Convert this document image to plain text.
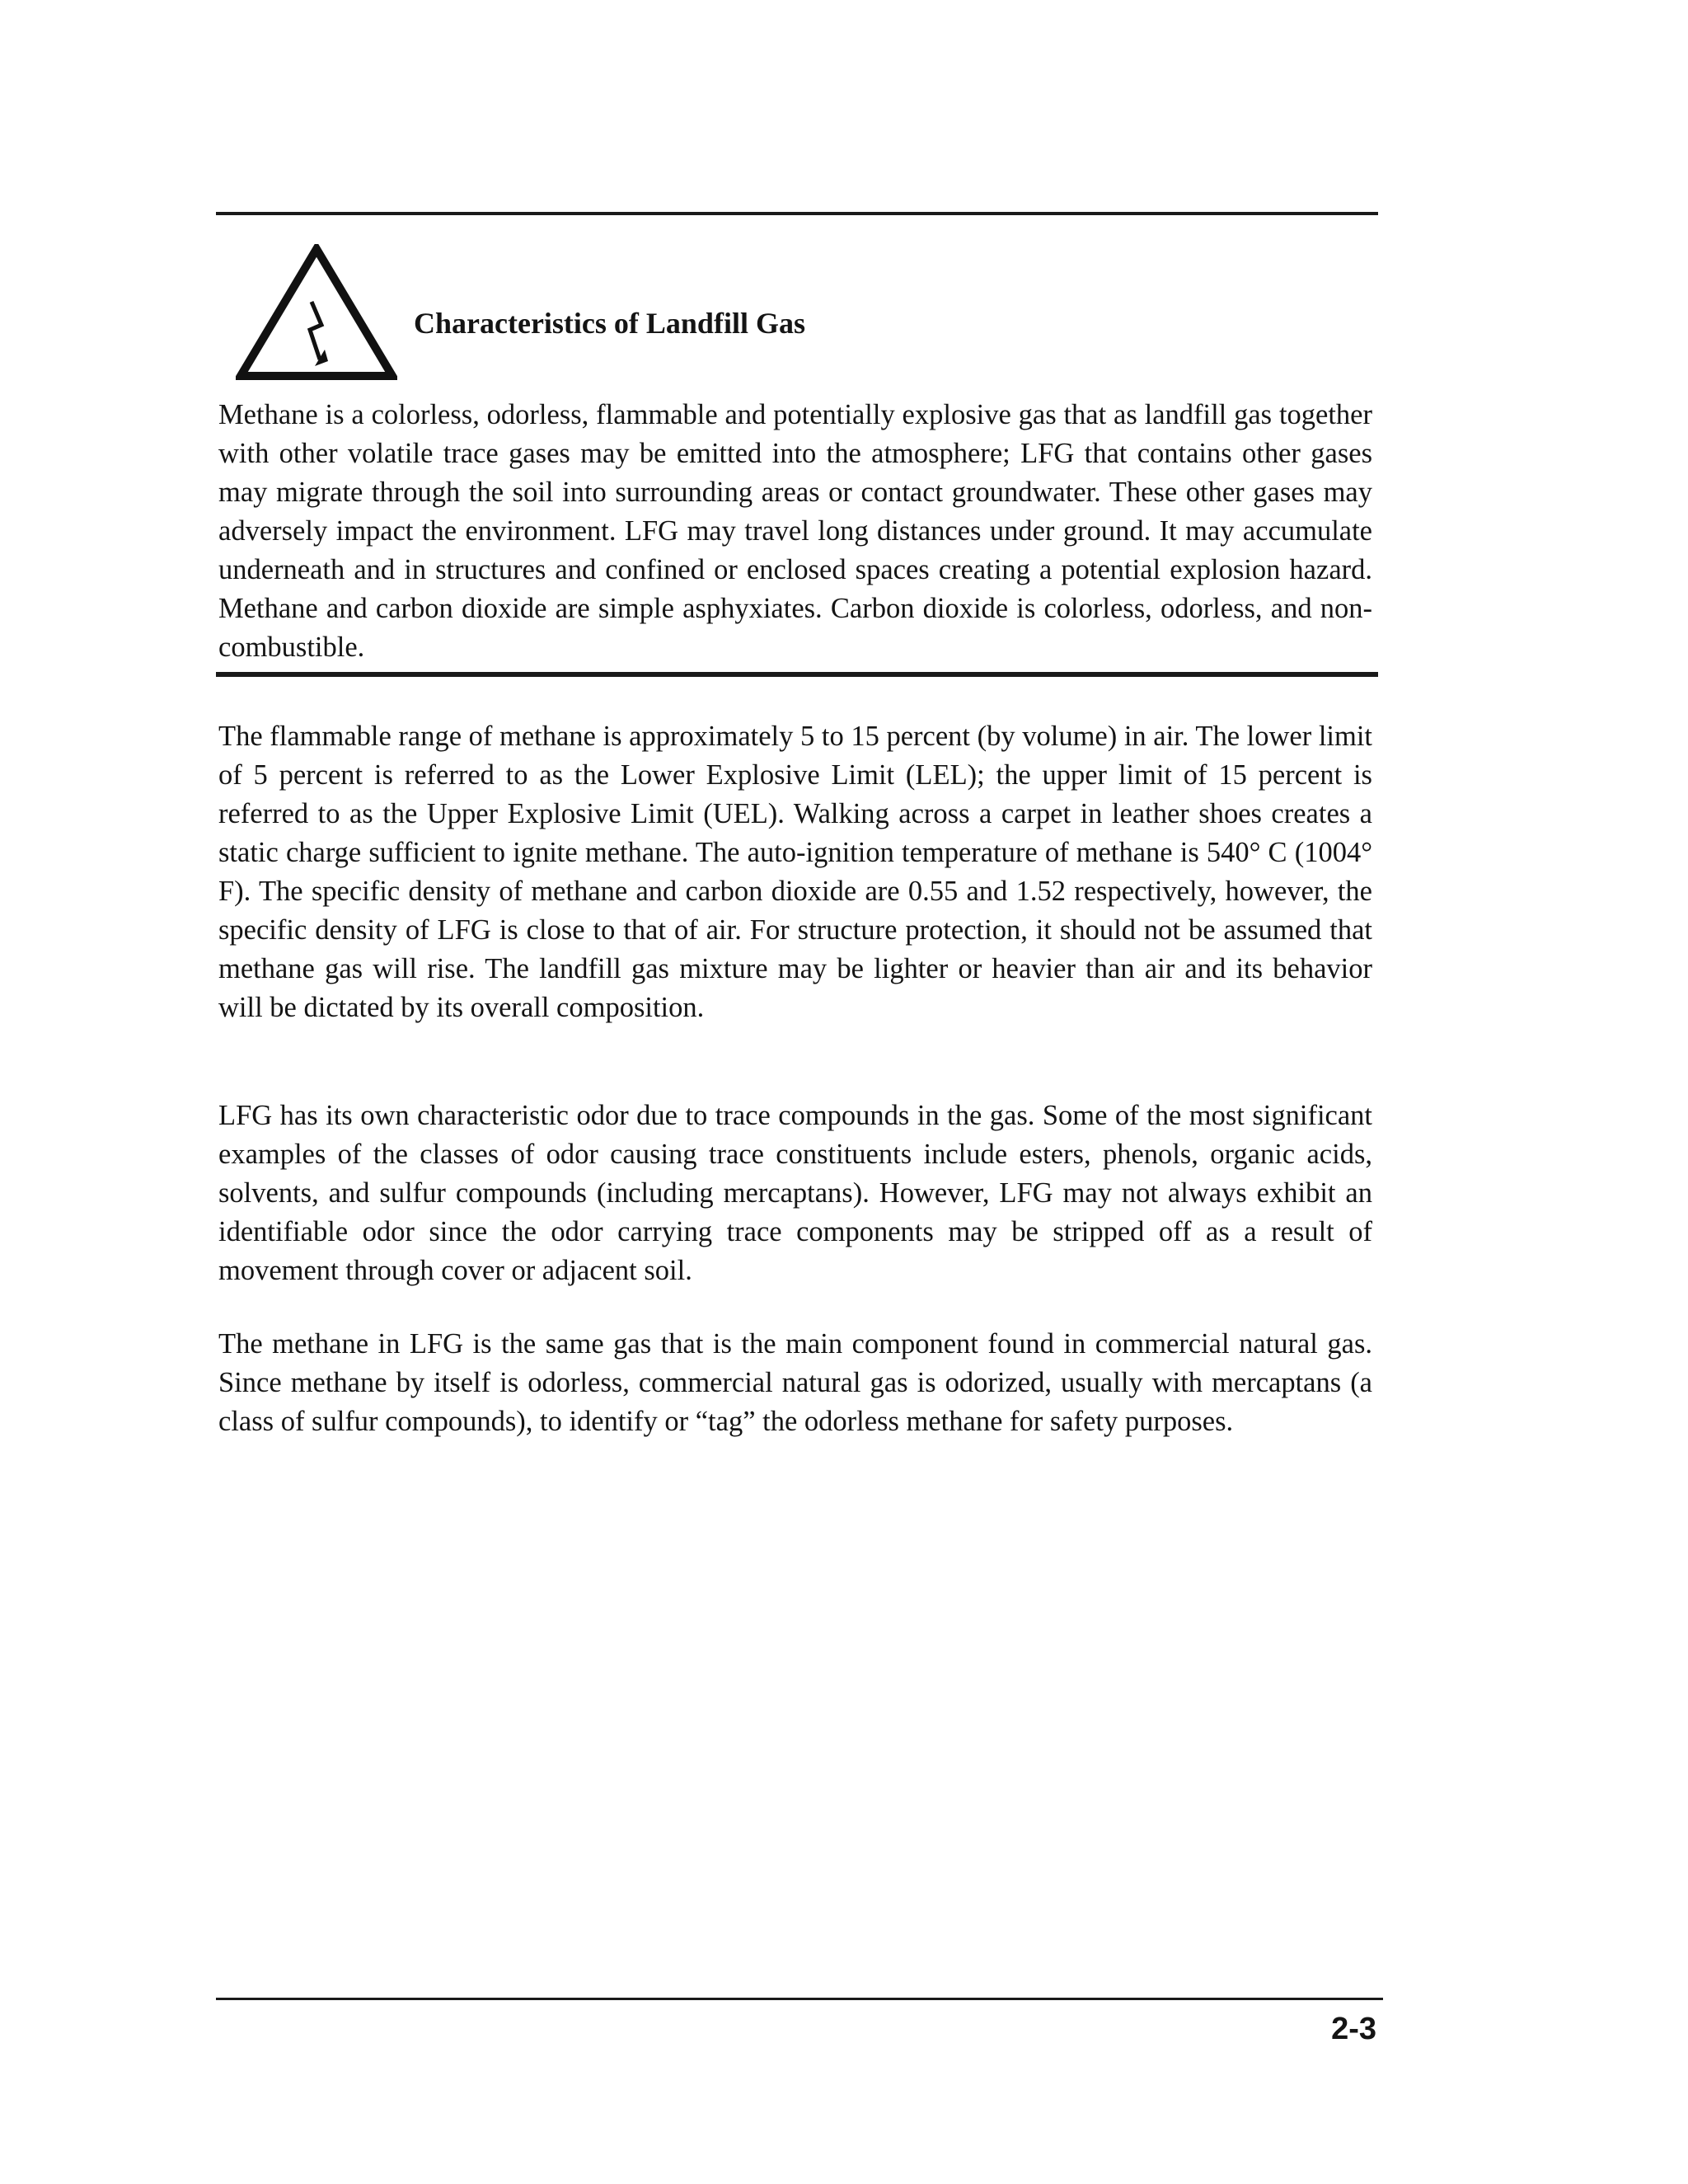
Characteristics of Landfill Gas

Methane is a colorless, odorless, flammable and potentially explosive gas that as landfill gas together with other volatile trace gases may be emitted into the atmosphere; LFG that contains other gases may migrate through the soil into surrounding areas or contact groundwater. These other gases may adversely impact the environment. LFG may travel long distances under ground. It may accumulate underneath and in structures and confined or enclosed spaces creating a potential explosion hazard. Methane and carbon dioxide are simple asphyxiates. Carbon dioxide is colorless, odorless, and non-combustible.

The flammable range of methane is approximately 5 to 15 percent (by volume) in air. The lower limit of 5 percent is referred to as the Lower Explosive Limit (LEL); the upper limit of 15 percent is referred to as the Upper Explosive Limit (UEL). Walking across a carpet in leather shoes creates a static charge sufficient to ignite methane. The auto-ignition temperature of methane is 540° C (1004° F). The specific density of methane and carbon dioxide are 0.55 and 1.52 respectively, however, the specific density of LFG is close to that of air. For structure protection, it should not be assumed that methane gas will rise. The landfill gas mixture may be lighter or heavier than air and its behavior will be dictated by its overall composition.

LFG has its own characteristic odor due to trace compounds in the gas. Some of the most significant examples of the classes of odor causing trace constituents include esters, phenols, organic acids, solvents, and sulfur compounds (including mercaptans). However, LFG may not always exhibit an identifiable odor since the odor carrying trace components may be stripped off as a result of movement through cover or adjacent soil.

The methane in LFG is the same gas that is the main component found in commercial natural gas. Since methane by itself is odorless, commercial natural gas is odorized, usually with mercaptans (a class of sulfur compounds), to identify or “tag” the odorless methane for safety purposes.

2-3
